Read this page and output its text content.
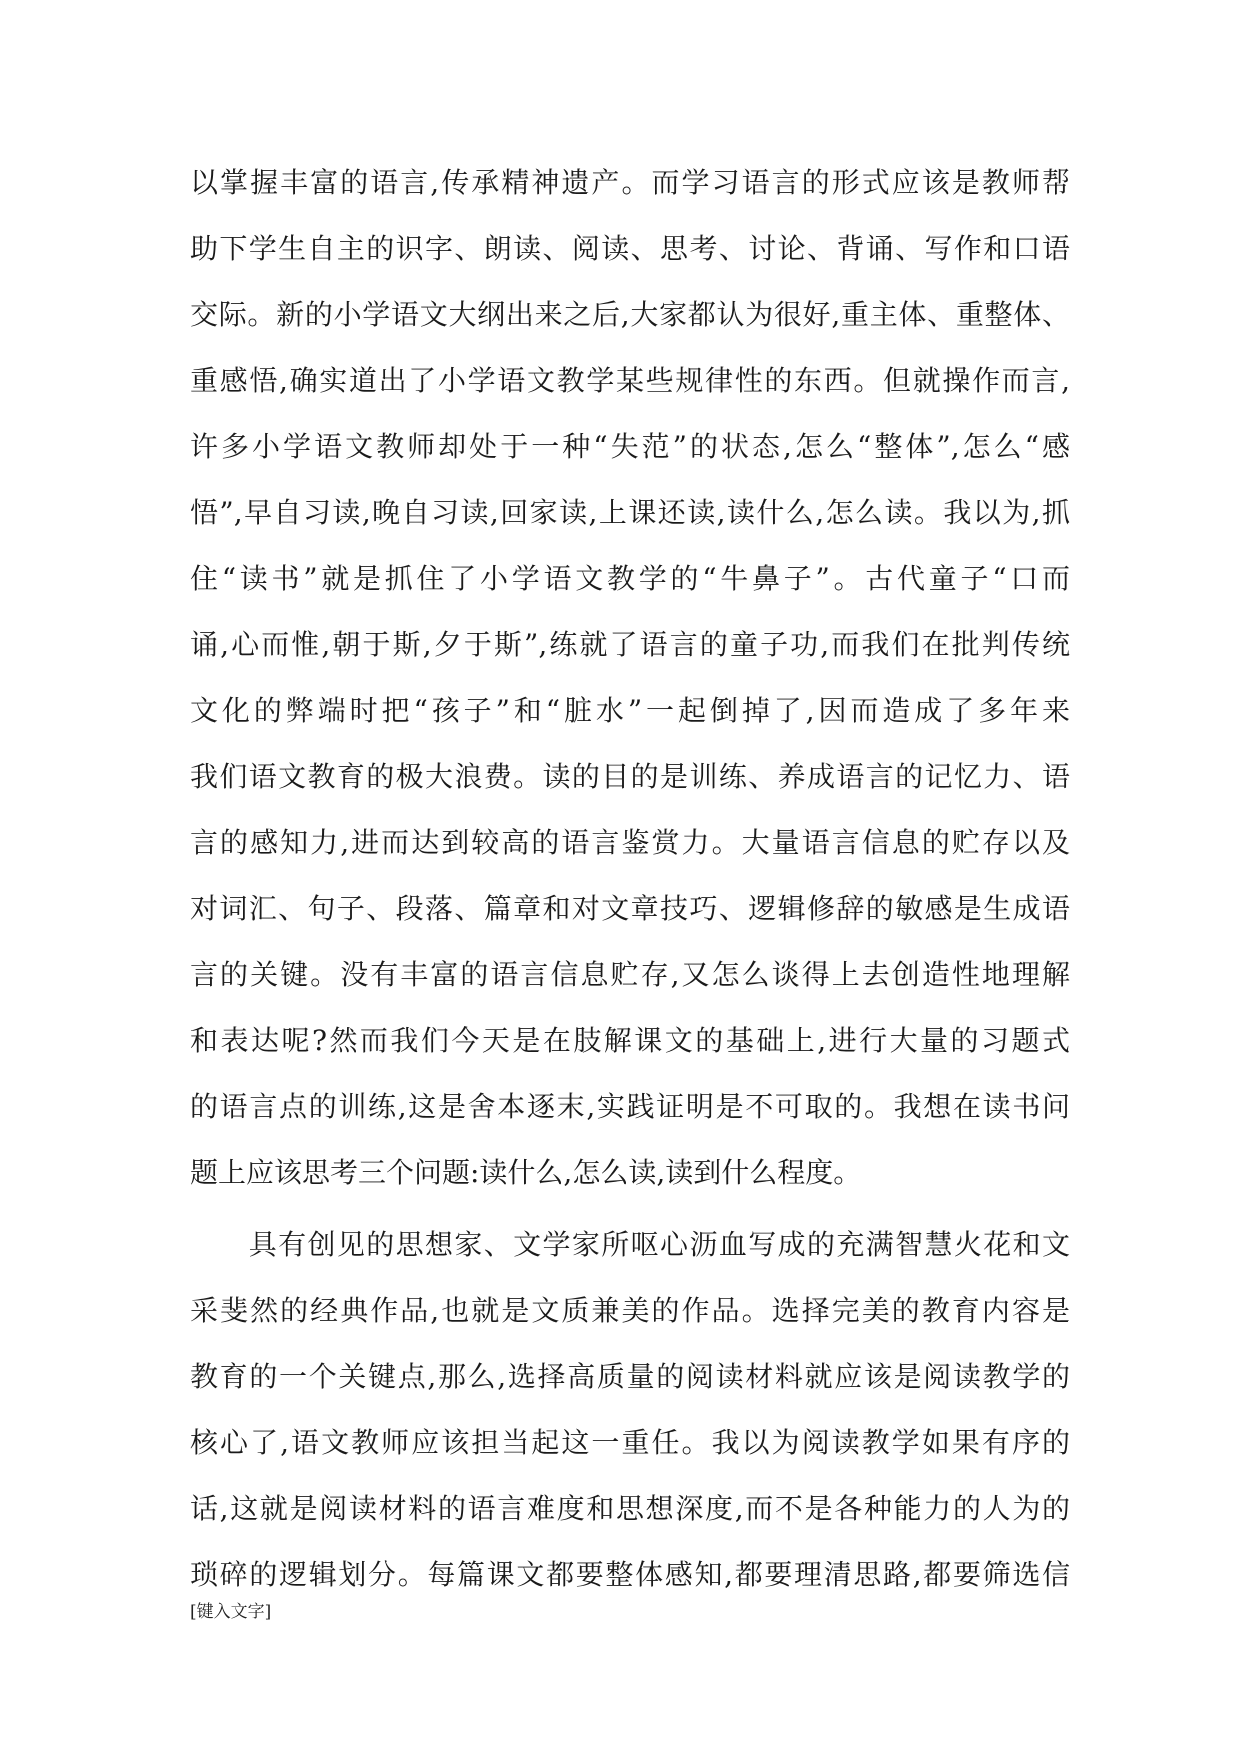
以掌握丰富的语言,传承精神遗产。而学习语言的形式应该是教师帮
助下学生自主的识字、朗读、阅读、思考、讨论、背诵、写作和口语
交际。新的小学语文大纲出来之后,大家都认为很好,重主体、重整体、
重感悟,确实道出了小学语文教学某些规律性的东西。但就操作而言,
许多小学语文教师却处于一种“失范”的状态,怎么“整体”,怎么“感
悟”,早自习读,晚自习读,回家读,上课还读,读什么,怎么读。我以为,抓
住“读书”就是抓住了小学语文教学的“牛鼻子”。古代童子“口而
诵,心而惟,朝于斯,夕于斯”,练就了语言的童子功,而我们在批判传统
文化的弊端时把“孩子”和“脏水”一起倒掉了,因而造成了多年来
我们语文教育的极大浪费。读的目的是训练、养成语言的记忆力、语
言的感知力,进而达到较高的语言鉴赏力。大量语言信息的贮存以及
对词汇、句子、段落、篇章和对文章技巧、逻辑修辞的敏感是生成语
言的关键。没有丰富的语言信息贮存,又怎么谈得上去创造性地理解
和表达呢?然而我们今天是在肢解课文的基础上,进行大量的习题式
的语言点的训练,这是舍本逐末,实践证明是不可取的。我想在读书问
题上应该思考三个问题:读什么,怎么读,读到什么程度。
　　具有创见的思想家、文学家所呕心沥血写成的充满智慧火花和文
采斐然的经典作品,也就是文质兼美的作品。选择完美的教育内容是
教育的一个关键点,那么,选择高质量的阅读材料就应该是阅读教学的
核心了,语文教师应该担当起这一重任。我以为阅读教学如果有序的
话,这就是阅读材料的语言难度和思想深度,而不是各种能力的人为的
琐碎的逻辑划分。每篇课文都要整体感知,都要理清思路,都要筛选信
[键入文字]
